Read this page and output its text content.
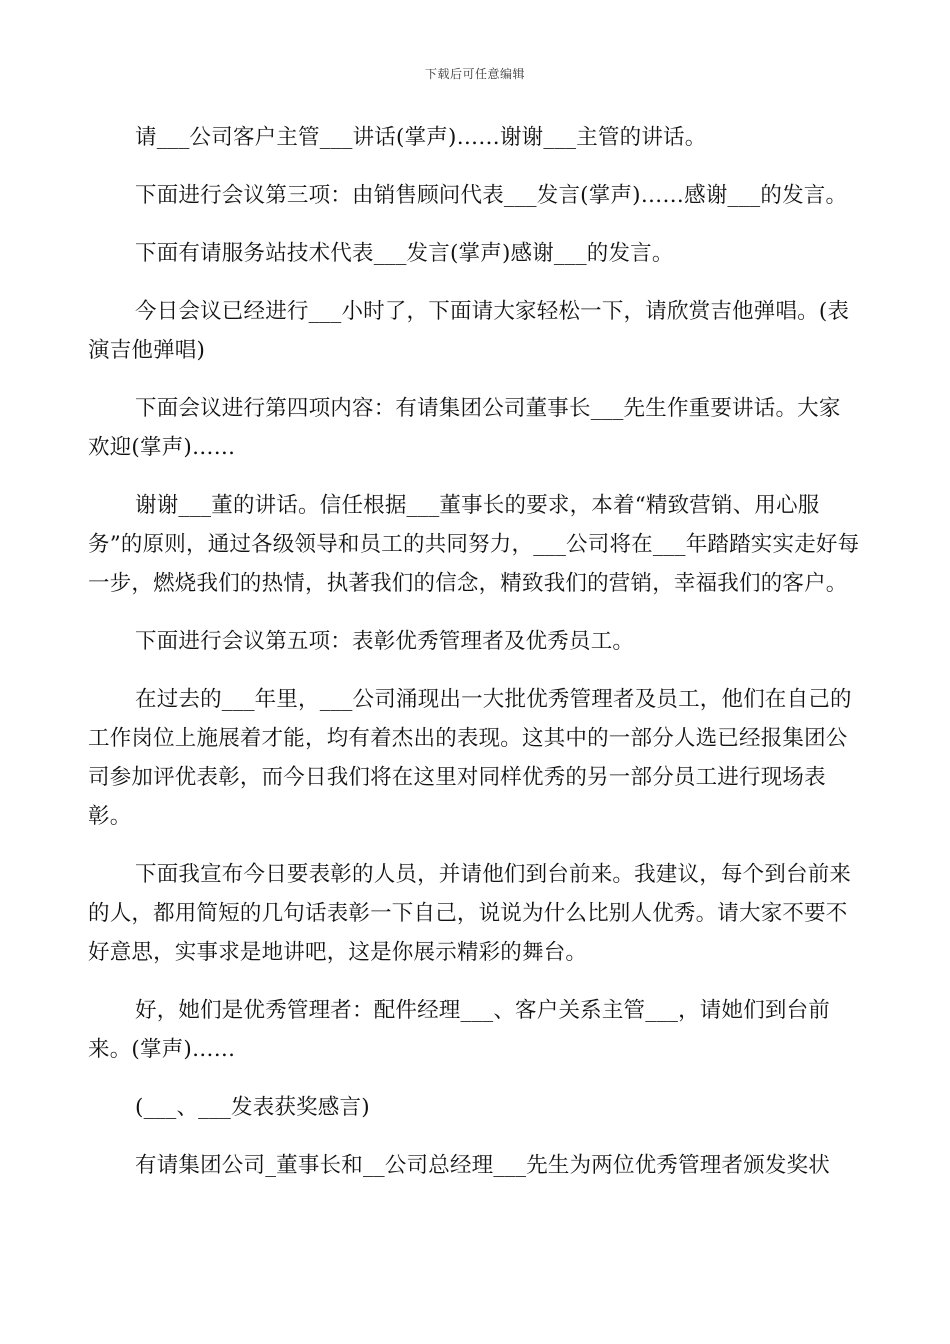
下载后可任意编辑

请___公司客户主管___讲话(掌声)……谢谢___主管的讲话。

下面进行会议第三项：由销售顾问代表___发言(掌声)……感谢___的发言。

下面有请服务站技术代表___发言(掌声)感谢___的发言。

今日会议已经进行___小时了，下面请大家轻松一下，请欣赏吉他弹唱。(表演吉他弹唱)

下面会议进行第四项内容：有请集团公司董事长___先生作重要讲话。大家欢迎(掌声)……

谢谢___董的讲话。信任根据___董事长的要求，本着“精致营销、用心服务”的原则，通过各级领导和员工的共同努力，___公司将在___年踏踏实实走好每一步，燃烧我们的热情，执著我们的信念，精致我们的营销，幸福我们的客户。

下面进行会议第五项：表彰优秀管理者及优秀员工。

在过去的___年里，___公司涌现出一大批优秀管理者及员工，他们在自己的工作岗位上施展着才能，均有着杰出的表现。这其中的一部分人选已经报集团公司参加评优表彰，而今日我们将在这里对同样优秀的另一部分员工进行现场表彰。

下面我宣布今日要表彰的人员，并请他们到台前来。我建议，每个到台前来的人，都用简短的几句话表彰一下自己，说说为什么比别人优秀。请大家不要不好意思，实事求是地讲吧，这是你展示精彩的舞台。

好，她们是优秀管理者：配件经理___、客户关系主管___，请她们到台前来。(掌声)……

(___、___发表获奖感言)

有请集团公司_董事长和__公司总经理___先生为两位优秀管理者颁发奖状
